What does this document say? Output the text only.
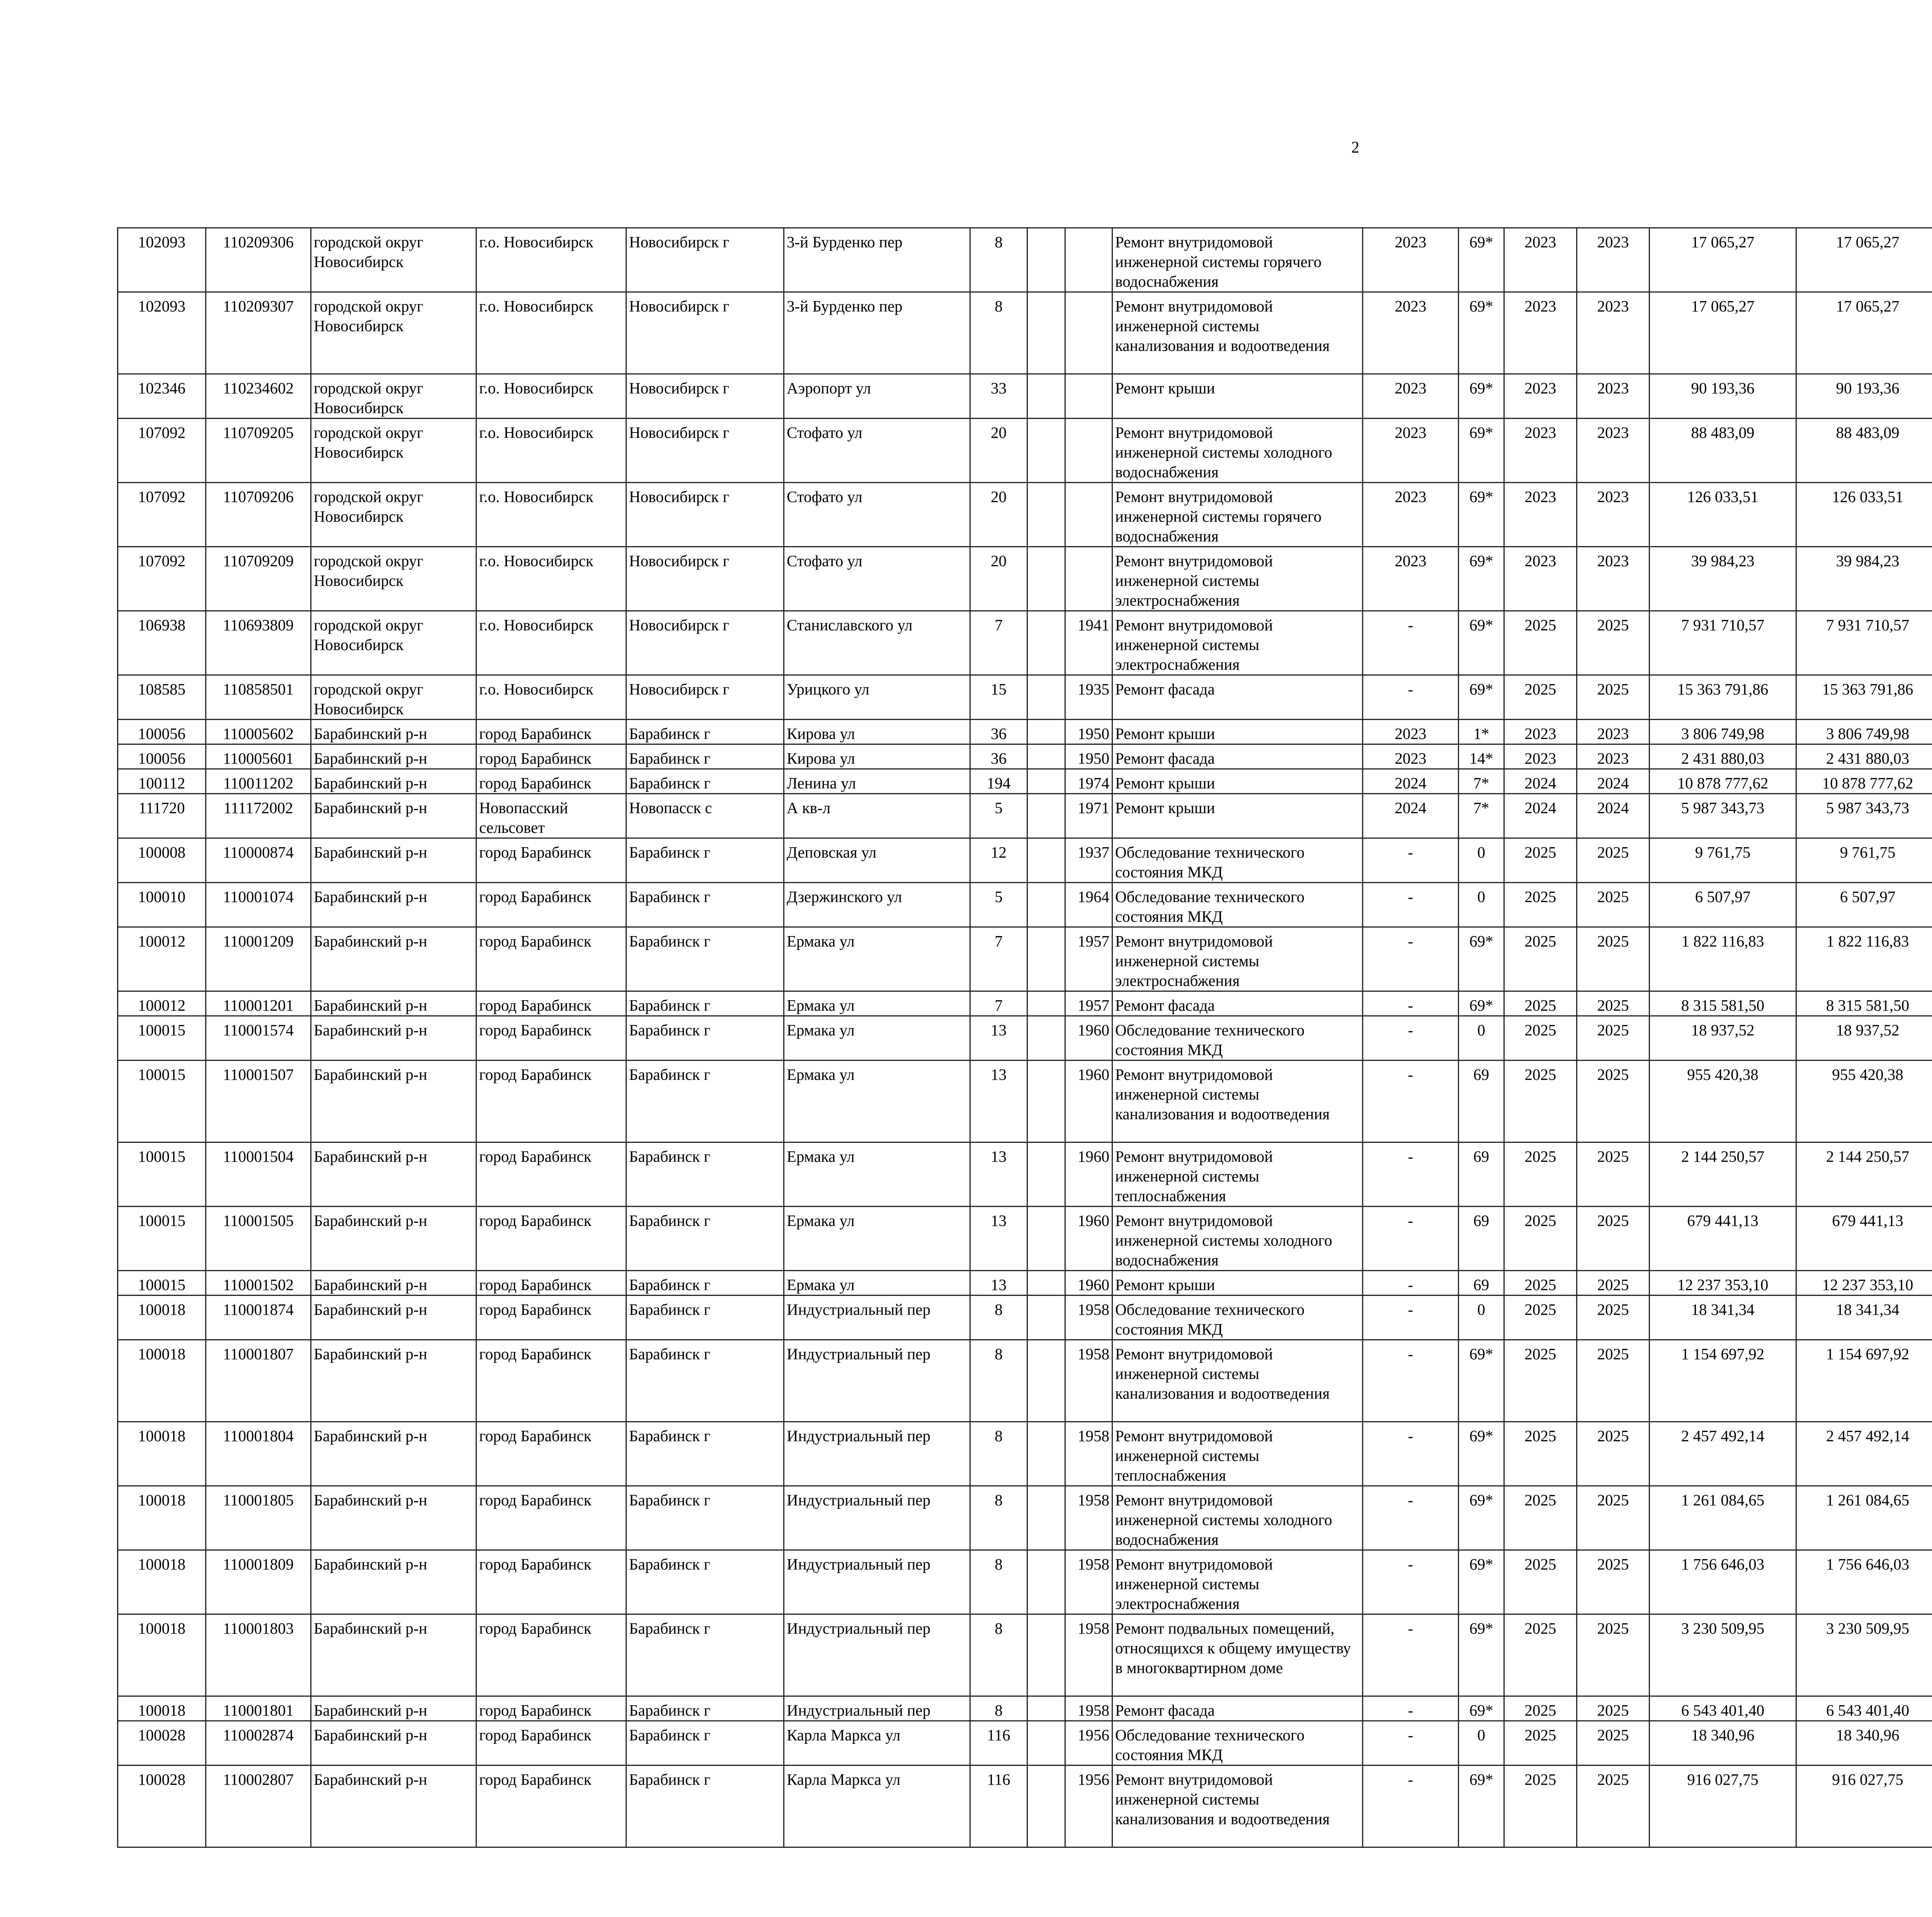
2
102093	110209306	городской округ Новосибирск	г.о. Новосибирск	Новосибирск г	3-й Бурденко пер	8			Ремонт внутридомовой инженерной системы горячего водоснабжения	2023	69*	2023	2023	17 065,27	17 065,27						
102093	110209307	городской округ Новосибирск	г.о. Новосибирск	Новосибирск г	3-й Бурденко пер	8			Ремонт внутридомовой инженерной системы канализования и водоотведения	2023	69*	2023	2023	17 065,27	17 065,27						
102346	110234602	городской округ Новосибирск	г.о. Новосибирск	Новосибирск г	Аэропорт ул	33			Ремонт крыши	2023	69*	2023	2023	90 193,36	90 193,36						
107092	110709205	городской округ Новосибирск	г.о. Новосибирск	Новосибирск г	Стофато ул	20			Ремонт внутридомовой инженерной системы холодного водоснабжения	2023	69*	2023	2023	88 483,09	88 483,09						
107092	110709206	городской округ Новосибирск	г.о. Новосибирск	Новосибирск г	Стофато ул	20			Ремонт внутридомовой инженерной системы горячего водоснабжения	2023	69*	2023	2023	126 033,51	126 033,51						
107092	110709209	городской округ Новосибирск	г.о. Новосибирск	Новосибирск г	Стофато ул	20			Ремонт внутридомовой инженерной системы электроснабжения	2023	69*	2023	2023	39 984,23	39 984,23						
106938	110693809	городской округ Новосибирск	г.о. Новосибирск	Новосибирск г	Станиславского ул	7		1941	Ремонт внутридомовой инженерной системы электроснабжения	-	69*	2025	2025	7 931 710,57	7 931 710,57						
108585	110858501	городской округ Новосибирск	г.о. Новосибирск	Новосибирск г	Урицкого ул	15		1935	Ремонт фасада	-	69*	2025	2025	15 363 791,86	15 363 791,86						
100056	110005602	Барабинский р-н	город Барабинск	Барабинск г	Кирова ул	36		1950	Ремонт крыши	2023	1*	2023	2023	3 806 749,98	3 806 749,98						
100056	110005601	Барабинский р-н	город Барабинск	Барабинск г	Кирова ул	36		1950	Ремонт фасада	2023	14*	2023	2023	2 431 880,03	2 431 880,03						
100112	110011202	Барабинский р-н	город Барабинск	Барабинск г	Ленина ул	194		1974	Ремонт крыши	2024	7*	2024	2024	10 878 777,62	10 878 777,62						
111720	111172002	Барабинский р-н	Новопасский сельсовет	Новопасск с	А кв-л	5		1971	Ремонт крыши	2024	7*	2024	2024	5 987 343,73	5 987 343,73						
100008	110000874	Барабинский р-н	город Барабинск	Барабинск г	Деповская ул	12		1937	Обследование технического состояния МКД	-	0	2025	2025	9 761,75	9 761,75						
100010	110001074	Барабинский р-н	город Барабинск	Барабинск г	Дзержинского ул	5		1964	Обследование технического состояния МКД	-	0	2025	2025	6 507,97	6 507,97						
100012	110001209	Барабинский р-н	город Барабинск	Барабинск г	Ермака ул	7		1957	Ремонт внутридомовой инженерной системы электроснабжения	-	69*	2025	2025	1 822 116,83	1 822 116,83						
100012	110001201	Барабинский р-н	город Барабинск	Барабинск г	Ермака ул	7		1957	Ремонт фасада	-	69*	2025	2025	8 315 581,50	8 315 581,50						
100015	110001574	Барабинский р-н	город Барабинск	Барабинск г	Ермака ул	13		1960	Обследование технического состояния МКД	-	0	2025	2025	18 937,52	18 937,52						
100015	110001507	Барабинский р-н	город Барабинск	Барабинск г	Ермака ул	13		1960	Ремонт внутридомовой инженерной системы канализования и водоотведения	-	69	2025	2025	955 420,38	955 420,38						
100015	110001504	Барабинский р-н	город Барабинск	Барабинск г	Ермака ул	13		1960	Ремонт внутридомовой инженерной системы теплоснабжения	-	69	2025	2025	2 144 250,57	2 144 250,57						
100015	110001505	Барабинский р-н	город Барабинск	Барабинск г	Ермака ул	13		1960	Ремонт внутридомовой инженерной системы холодного водоснабжения	-	69	2025	2025	679 441,13	679 441,13						
100015	110001502	Барабинский р-н	город Барабинск	Барабинск г	Ермака ул	13		1960	Ремонт крыши	-	69	2025	2025	12 237 353,10	12 237 353,10						
100018	110001874	Барабинский р-н	город Барабинск	Барабинск г	Индустриальный пер	8		1958	Обследование технического состояния МКД	-	0	2025	2025	18 341,34	18 341,34						
100018	110001807	Барабинский р-н	город Барабинск	Барабинск г	Индустриальный пер	8		1958	Ремонт внутридомовой инженерной системы канализования и водоотведения	-	69*	2025	2025	1 154 697,92	1 154 697,92						
100018	110001804	Барабинский р-н	город Барабинск	Барабинск г	Индустриальный пер	8		1958	Ремонт внутридомовой инженерной системы теплоснабжения	-	69*	2025	2025	2 457 492,14	2 457 492,14						
100018	110001805	Барабинский р-н	город Барабинск	Барабинск г	Индустриальный пер	8		1958	Ремонт внутридомовой инженерной системы холодного водоснабжения	-	69*	2025	2025	1 261 084,65	1 261 084,65						
100018	110001809	Барабинский р-н	город Барабинск	Барабинск г	Индустриальный пер	8		1958	Ремонт внутридомовой инженерной системы электроснабжения	-	69*	2025	2025	1 756 646,03	1 756 646,03						
100018	110001803	Барабинский р-н	город Барабинск	Барабинск г	Индустриальный пер	8		1958	Ремонт подвальных помещений, относящихся к общему имуществу в многоквартирном доме	-	69*	2025	2025	3 230 509,95	3 230 509,95						
100018	110001801	Барабинский р-н	город Барабинск	Барабинск г	Индустриальный пер	8		1958	Ремонт фасада	-	69*	2025	2025	6 543 401,40	6 543 401,40						
100028	110002874	Барабинский р-н	город Барабинск	Барабинск г	Карла Маркса ул	116		1956	Обследование технического состояния МКД	-	0	2025	2025	18 340,96	18 340,96						
100028	110002807	Барабинский р-н	город Барабинск	Барабинск г	Карла Маркса ул	116		1956	Ремонт внутридомовой инженерной системы канализования и водоотведения	-	69*	2025	2025	916 027,75	916 027,75						
